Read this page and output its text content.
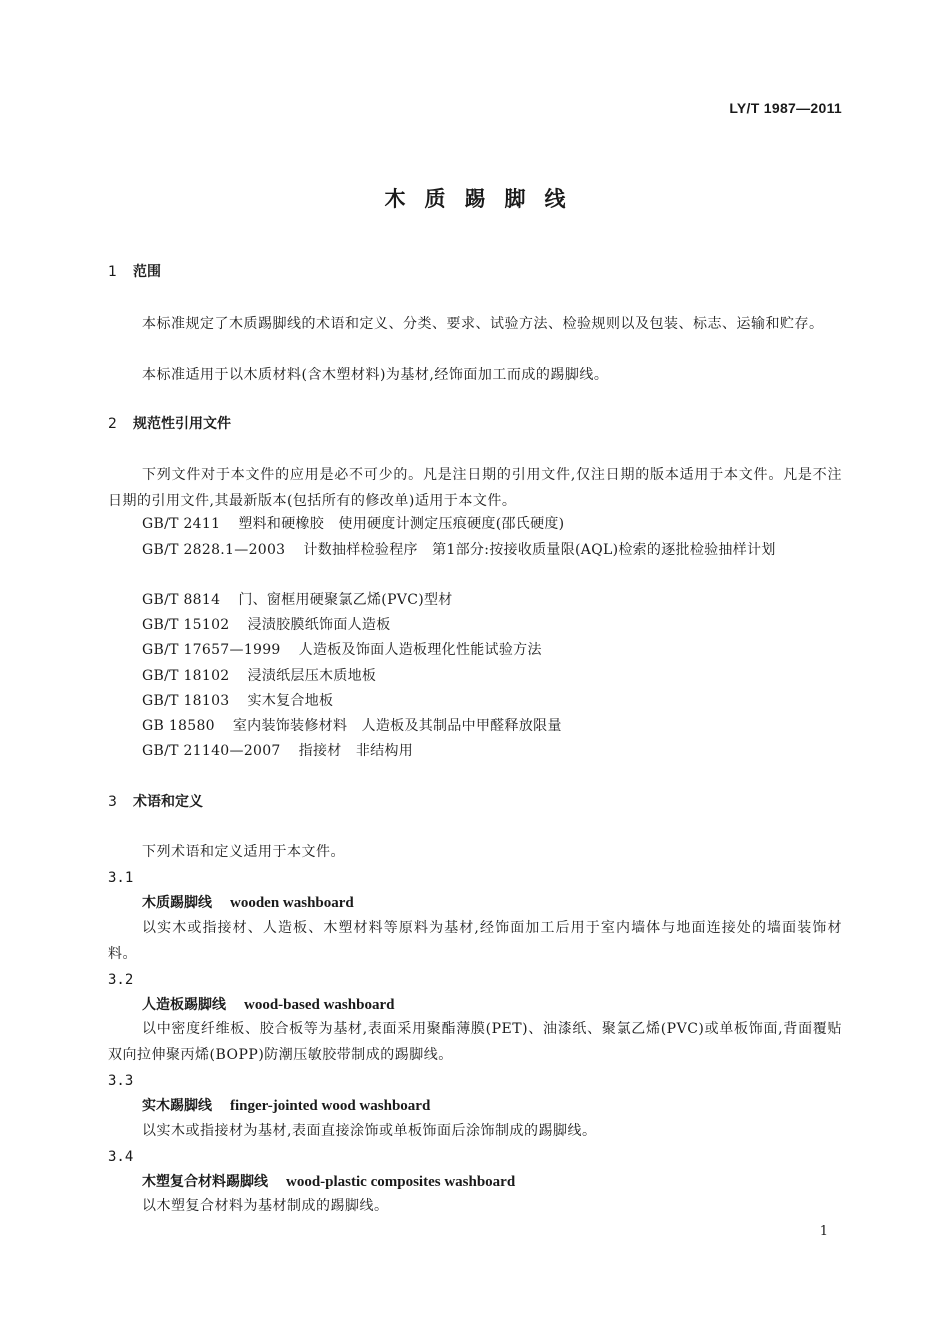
LY/T 1987—2011
木质踢脚线
1 范围
本标准规定了木质踢脚线的术语和定义、分类、要求、试验方法、检验规则以及包装、标志、运输和贮存。
本标准适用于以木质材料(含木塑材料)为基材,经饰面加工而成的踢脚线。
2 规范性引用文件
下列文件对于本文件的应用是必不可少的。凡是注日期的引用文件,仅注日期的版本适用于本文件。凡是不注日期的引用文件,其最新版本(包括所有的修改单)适用于本文件。
GB/T 2411 塑料和硬橡胶　使用硬度计测定压痕硬度(邵氏硬度)
GB/T 2828.1—2003 计数抽样检验程序　第1部分:按接收质量限(AQL)检索的逐批检验抽样计划
GB/T 8814 门、窗框用硬聚氯乙烯(PVC)型材
GB/T 15102 浸渍胶膜纸饰面人造板
GB/T 17657—1999 人造板及饰面人造板理化性能试验方法
GB/T 18102 浸渍纸层压木质地板
GB/T 18103 实木复合地板
GB 18580 室内装饰装修材料　人造板及其制品中甲醛释放限量
GB/T 21140—2007 指接材　非结构用
3 术语和定义
下列术语和定义适用于本文件。
3.1
木质踢脚线 wooden washboard
以实木或指接材、人造板、木塑材料等原料为基材,经饰面加工后用于室内墙体与地面连接处的墙面装饰材料。
3.2
人造板踢脚线 wood-based washboard
以中密度纤维板、胶合板等为基材,表面采用聚酯薄膜(PET)、油漆纸、聚氯乙烯(PVC)或单板饰面,背面覆贴双向拉伸聚丙烯(BOPP)防潮压敏胶带制成的踢脚线。
3.3
实木踢脚线 finger-jointed wood washboard
以实木或指接材为基材,表面直接涂饰或单板饰面后涂饰制成的踢脚线。
3.4
木塑复合材料踢脚线 wood-plastic composites washboard
以木塑复合材料为基材制成的踢脚线。
1
